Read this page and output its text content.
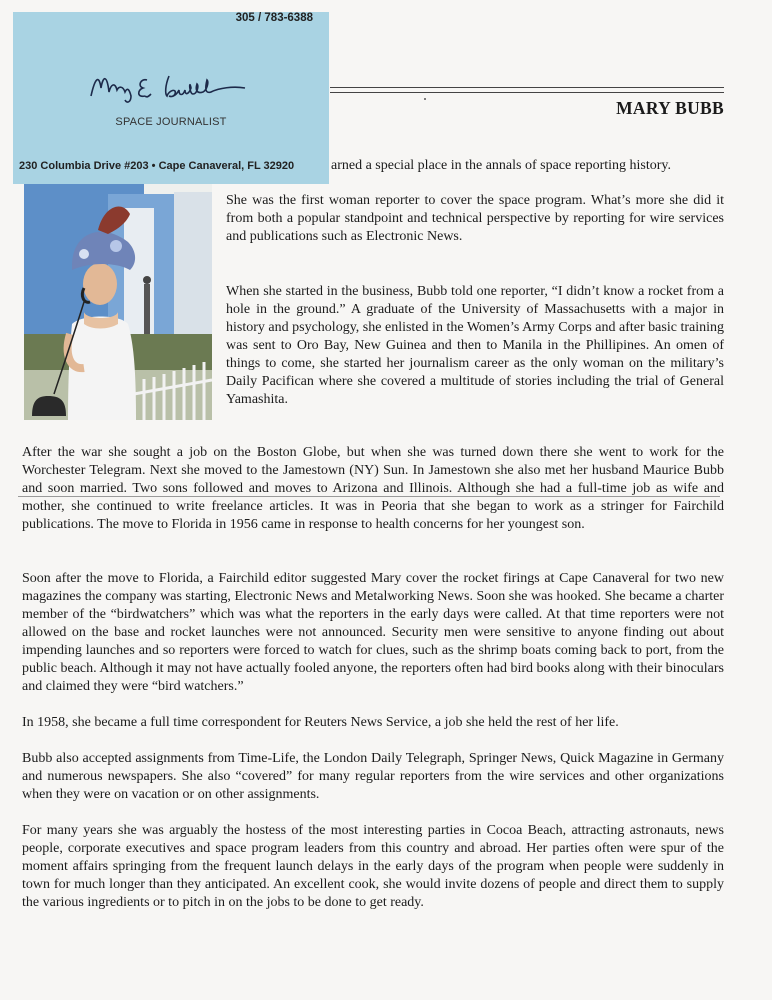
305 / 783-6388
SPACE JOURNALIST
230 Columbia Drive #203 • Cape Canaveral, FL 32920
MARY BUBB
arned a special place in the annals of space reporting history.

She was the first woman reporter to cover the space program. What’s more she did it from both a popular standpoint and technical perspective by reporting for wire services and publications such as Electronic News.

When she started in the business, Bubb told one reporter, “I didn’t know a rocket from a hole in the ground.” A graduate of the University of Massachusetts with a major in history and psychology, she enlisted in the Women’s Army Corps and after basic training was sent to Oro Bay, New Guinea and then to Manila in the Phillipines. An omen of things to come, she started her journalism career as the only woman on the military’s Daily Pacifican where she covered a multitude of stories including the trial of General Yamashita.

After the war she sought a job on the Boston Globe, but when she was turned down there she went to work for the Worchester Telegram. Next she moved to the Jamestown (NY) Sun. In Jamestown she also met her husband Maurice Bubb and soon married. Two sons followed and moves to Arizona and Illinois. Although she had a full-time job as wife and mother, she continued to write freelance articles. It was in Peoria that she began to work as a stringer for Fairchild publications. The move to Florida in 1956 came in response to health concerns for her youngest son.

Soon after the move to Florida, a Fairchild editor suggested Mary cover the rocket firings at Cape Canaveral for two new magazines the company was starting, Electronic News and Metalworking News. Soon she was hooked. She became a charter member of the “birdwatchers” which was what the reporters in the early days were called. At that time reporters were not allowed on the base and rocket launches were not announced. Security men were sensitive to anyone finding out about impending launches and so reporters were forced to watch for clues, such as the shrimp boats coming back to port, from the public beach. Although it may not have actually fooled anyone, the reporters often had bird books along with their binoculars and claimed they were “bird watchers.”

In 1958, she became a full time correspondent for Reuters News Service, a job she held the rest of her life.

Bubb also accepted assignments from Time-Life, the London Daily Telegraph, Springer News, Quick Magazine in Germany and numerous newspapers. She also “covered” for many regular reporters from the wire services and other organizations when they were on vacation or on other assignments.

For many years she was arguably the hostess of the most interesting parties in Cocoa Beach, attracting astronauts, news people, corporate executives and space program leaders from this country and abroad. Her parties often were spur of the moment affairs springing from the frequent launch delays in the early days of the program when people were suddenly in town for much longer than they anticipated. An excellent cook, she would invite dozens of people and direct them to supply the various ingredients or to pitch in on the jobs to be done to get ready.
